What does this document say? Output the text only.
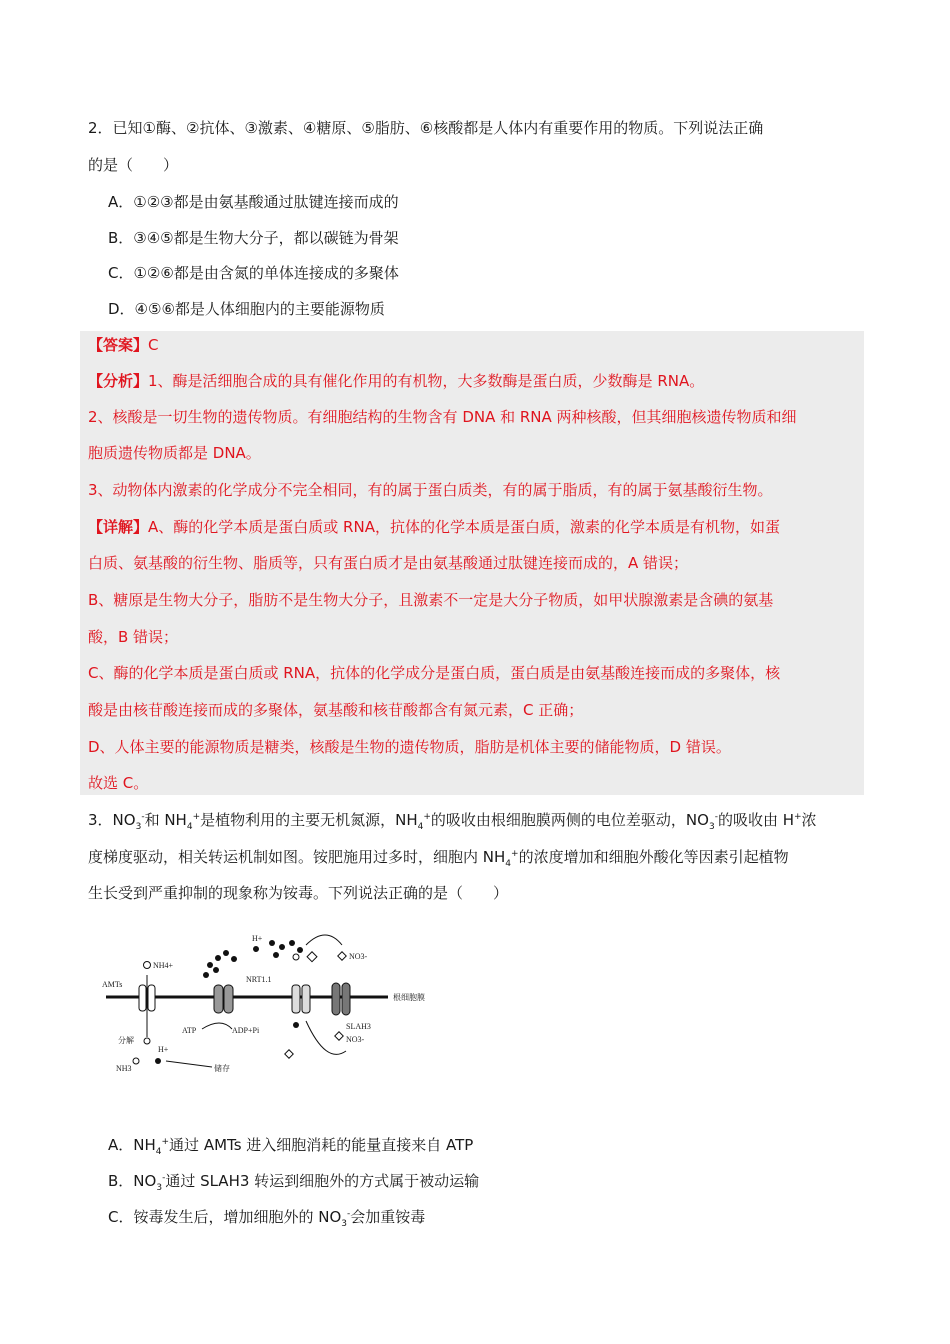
2．已知①酶、②抗体、③激素、④糖原、⑤脂肪、⑥核酸都是人体内有重要作用的物质。下列说法正确
的是（　　）
A．①②③都是由氨基酸通过肽键连接而成的
B．③④⑤都是生物大分子，都以碳链为骨架
C．①②⑥都是由含氮的单体连接成的多聚体
D．④⑤⑥都是人体细胞内的主要能源物质
【答案】C
【分析】1、酶是活细胞合成的具有催化作用的有机物，大多数酶是蛋白质，少数酶是 RNA。
2、核酸是一切生物的遗传物质。有细胞结构的生物含有 DNA 和 RNA 两种核酸，但其细胞核遗传物质和细
胞质遗传物质都是 DNA。
3、动物体内激素的化学成分不完全相同，有的属于蛋白质类，有的属于脂质，有的属于氨基酸衍生物。
【详解】A、酶的化学本质是蛋白质或 RNA，抗体的化学本质是蛋白质，激素的化学本质是有机物，如蛋
白质、氨基酸的衍生物、脂质等，只有蛋白质才是由氨基酸通过肽键连接而成的，A 错误；
B、糖原是生物大分子，脂肪不是生物大分子，且激素不一定是大分子物质，如甲状腺激素是含碘的氨基
酸，B 错误；
C、酶的化学本质是蛋白质或 RNA，抗体的化学成分是蛋白质，蛋白质是由氨基酸连接而成的多聚体，核
酸是由核苷酸连接而成的多聚体，氨基酸和核苷酸都含有氮元素，C 正确；
D、人体主要的能源物质是糖类，核酸是生物的遗传物质，脂肪是机体主要的储能物质，D 错误。
故选 C。
3．$NO_3^-$和 $NH_4^+$是植物利用的主要无机氮源，$NH_4^+$的吸收由根细胞膜两侧的电位差驱动，$NO_3^-$的吸收由 H+浓
度梯度驱动，相关转运机制如图。铵肥施用过多时，细胞内 $NH_4^+$的浓度增加和细胞外酸化等因素引起植物
生长受到严重抑制的现象称为铵毒。下列说法正确的是（　　）
根细胞膜
AMTs
NH4+
ATP	ADP+Pi
H+
NRT1.1
NO3-
SLAH3
NO3-
分解
H+
NH3	储存
A．$NH_4^+$通过 AMTs 进入细胞消耗的能量直接来自 ATP
B．$NO_3^-$通过 SLAH3 转运到细胞外的方式属于被动运输
C．铵毒发生后，增加细胞外的 $NO_3^-$会加重铵毒
